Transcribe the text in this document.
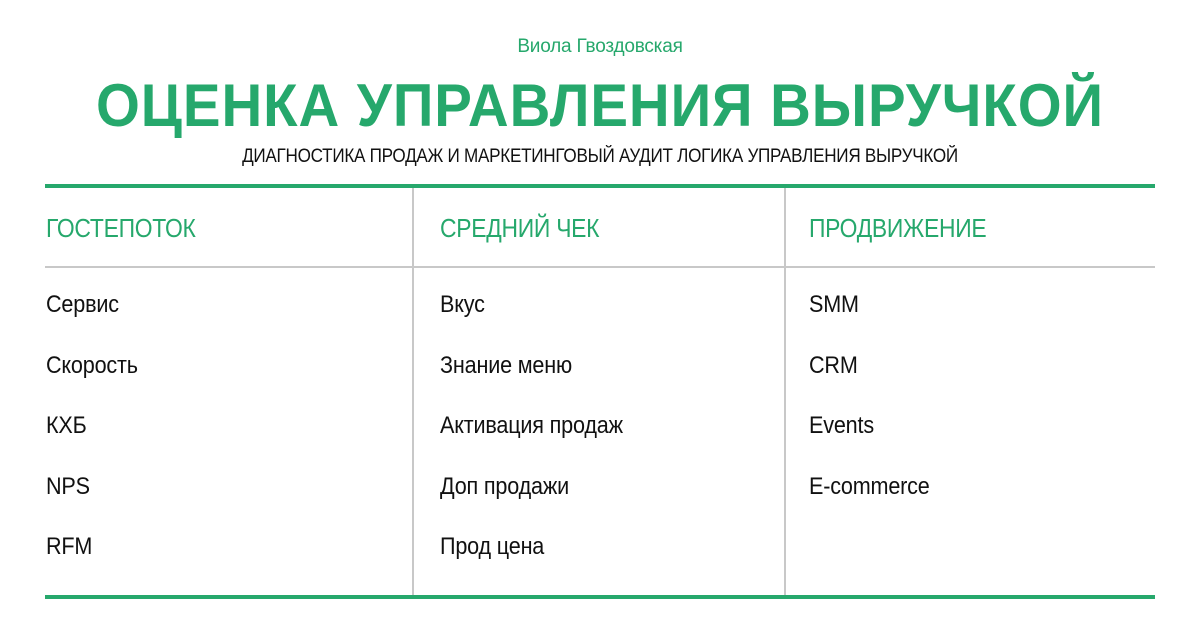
Виола Гвоздовская
ОЦЕНКА УПРАВЛЕНИЯ ВЫРУЧКОЙ
ДИАГНОСТИКА ПРОДАЖ И МАРКЕТИНГОВЫЙ АУДИТ ЛОГИКА УПРАВЛЕНИЯ ВЫРУЧКОЙ
ГОСТЕПОТОК
Сервис
Скорость
КХБ
NPS
RFM
СРЕДНИЙ ЧЕК
Вкус
Знание меню
Активация продаж
Доп продажи
Прод цена
ПРОДВИЖЕНИЕ
SMM
CRM
Events
E-commerce
